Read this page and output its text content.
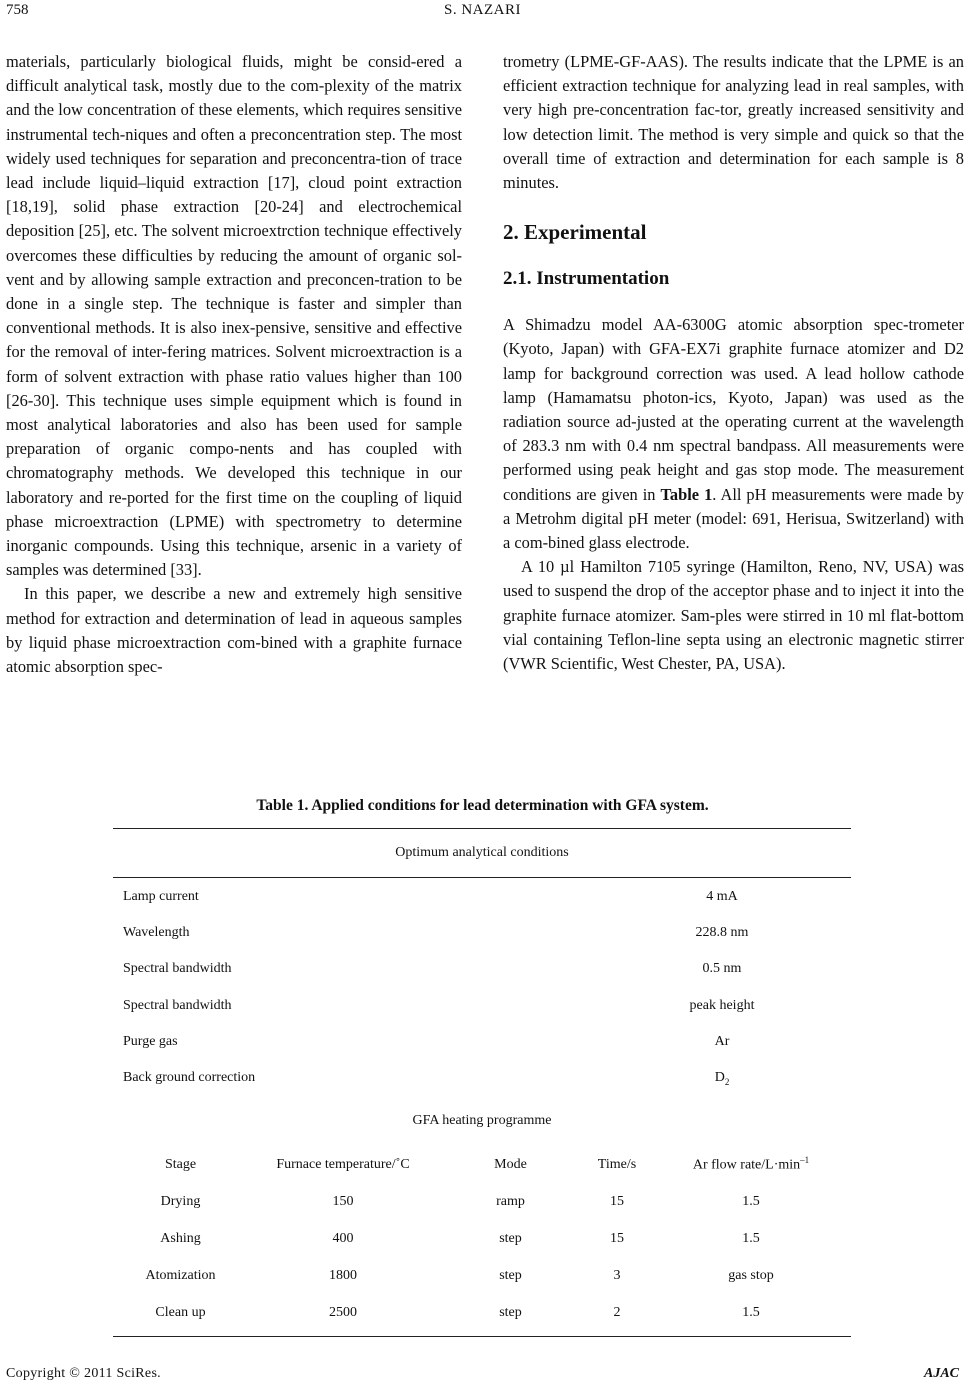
758	S. NAZARI

materials, particularly biological fluids, might be consid-ered a difficult analytical task, mostly due to the com-plexity of the matrix and the low concentration of these elements, which requires sensitive instrumental tech-niques and often a preconcentration step. The most widely used techniques for separation and preconcentra-tion of trace lead include liquid–liquid extraction [17], cloud point extraction [18,19], solid phase extraction [20-24] and electrochemical deposition [25], etc. The solvent microextrction technique effectively overcomes these difficulties by reducing the amount of organic sol-vent and by allowing sample extraction and preconcen-tration to be done in a single step. The technique is faster and simpler than conventional methods. It is also inex-pensive, sensitive and effective for the removal of inter-fering matrices. Solvent microextraction is a form of solvent extraction with phase ratio values higher than 100 [26-30]. This technique uses simple equipment which is found in most analytical laboratories and also has been used for sample preparation of organic compo-nents and has coupled with chromatography methods. We developed this technique in our laboratory and re-ported for the first time on the coupling of liquid phase microextraction (LPME) with spectrometry to determine inorganic compounds. Using this technique, arsenic in a variety of samples was determined [33].

In this paper, we describe a new and extremely high sensitive method for extraction and determination of lead in aqueous samples by liquid phase microextraction com-bined with a graphite furnace atomic absorption spec-

trometry (LPME-GF-AAS). The results indicate that the LPME is an efficient extraction technique for analyzing lead in real samples, with very high pre-concentration fac-tor, greatly increased sensitivity and low detection limit. The method is very simple and quick so that the overall time of extraction and determination for each sample is 8 minutes.

2. Experimental
2.1. Instrumentation

A Shimadzu model AA-6300G atomic absorption spec-trometer (Kyoto, Japan) with GFA-EX7i graphite furnace atomizer and D2 lamp for background correction was used. A lead hollow cathode lamp (Hamamatsu photon-ics, Kyoto, Japan) was used as the radiation source ad-justed at the operating current at the wavelength of 283.3 nm with 0.4 nm spectral bandpass. All measurements were performed using peak height and gas stop mode. The measurement conditions are given in Table 1. All pH measurements were made by a Metrohm digital pH meter (model: 691, Herisua, Switzerland) with a com-bined glass electrode.

A 10 µl Hamilton 7105 syringe (Hamilton, Reno, NV, USA) was used to suspend the drop of the acceptor phase and to inject it into the graphite furnace atomizer. Sam-ples were stirred in 10 ml flat-bottom vial containing Teflon-line septa using an electronic magnetic stirrer (VWR Scientific, West Chester, PA, USA).

Table 1. Applied conditions for lead determination with GFA system.
Optimum analytical conditions
Lamp current	4 mA
Wavelength	228.8 nm
Spectral bandwidth	0.5 nm
Spectral bandwidth	peak height
Purge gas	Ar
Back ground correction	$D_2$
GFA heating programme
Stage	Furnace temperature/˚C	Mode	Time/s	Ar flow rate/$L\cdot\min^{-1}$
Drying	150	ramp	15	1.5
Ashing	400	step	15	1.5
Atomization	1800	step	3	gas stop
Clean up	2500	step	2	1.5
Copyright © 2011 SciRes.	AJAC
